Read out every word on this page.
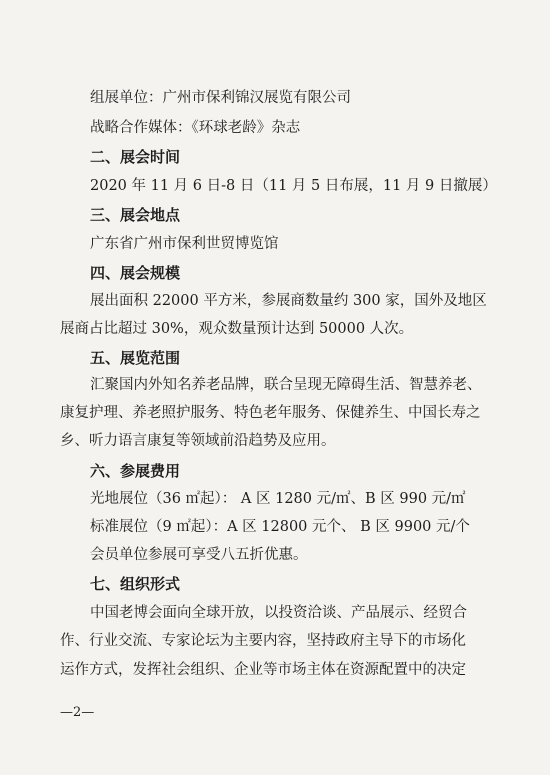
组展单位：广州市保利锦汉展览有限公司
战略合作媒体：《环球老龄》杂志
二、展会时间
2020 年 11 月 6 日-8 日（11 月 5 日布展，11 月 9 日撤展）
三、展会地点
广东省广州市保利世贸博览馆
四、展会规模
展出面积 22000 平方米，参展商数量约 300 家，国外及地区
展商占比超过 30%，观众数量预计达到 50000 人次。
五、展览范围
汇聚国内外知名养老品牌，联合呈现无障碍生活、智慧养老、
康复护理、养老照护服务、特色老年服务、保健养生、中国长寿之
乡、听力语言康复等领域前沿趋势及应用。
六、参展费用
光地展位（36 ㎡起）： A 区 1280 元/㎡、B 区 990 元/㎡
标准展位（9 ㎡起）：A 区 12800 元个、 B 区 9900 元/个
会员单位参展可享受八五折优惠。
七、组织形式
中国老博会面向全球开放，以投资洽谈、产品展示、经贸合
作、行业交流、专家论坛为主要内容，坚持政府主导下的市场化
运作方式，发挥社会组织、企业等市场主体在资源配置中的决定
—2—
